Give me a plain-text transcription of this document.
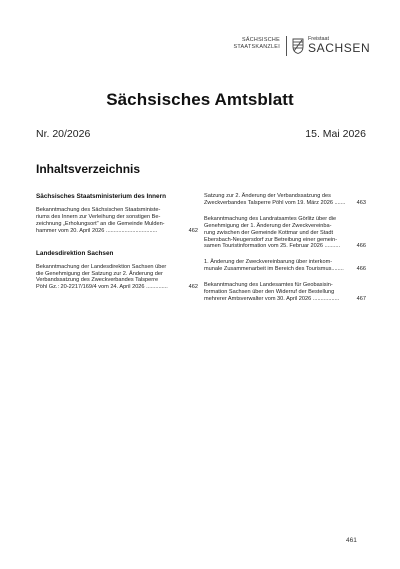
SÄCHSISCHE
STAATSKANZLEI
Freistaat
SACHSEN
Sächsisches Amtsblatt
Nr. 20/2026	15. Mai 2026
Inhaltsverzeichnis
Sächsisches Staatsministerium des Innern
Bekanntmachung des Sächsischen Staatsministe-
riums des Innern zur Verleihung der sonstigen Be-
zeichnung „Erholungsort" an die Gemeinde Mulden-
hammer vom 20. April 2026 .................................	462
Landesdirektion Sachsen
Bekanntmachung der Landesdirektion Sachsen über
die Genehmigung der Satzung zur 2. Änderung der
Verbandssatzung des Zweckverbandes Talsperre
Pöhl Gz.: 20-2217/169/4 vom 24. April 2026 ..............	462
Satzung zur 2. Änderung der Verbandssatzung des
Zweckverbandes Talsperre Pöhl vom 19. März 2026 .......	463
Bekanntmachung des Landratsamtes Görlitz über die
Genehmigung der 1. Änderung der Zweckvereinba-
rung zwischen der Gemeinde Kottmar und der Stadt
Ebersbach-Neugersdorf zur Betreibung einer gemein-
samen Touristinformation vom 25. Februar 2026 ..........	466
1. Änderung der Zweckvereinbarung über interkom-
munale Zusammenarbeit im Bereich des Tourismus........	466
Bekanntmachung des Landesamtes für Geobasisin-
formation Sachsen über den Widerruf der Bestellung
mehrerer Amtsverwalter vom 30. April 2026 .................	467
461
